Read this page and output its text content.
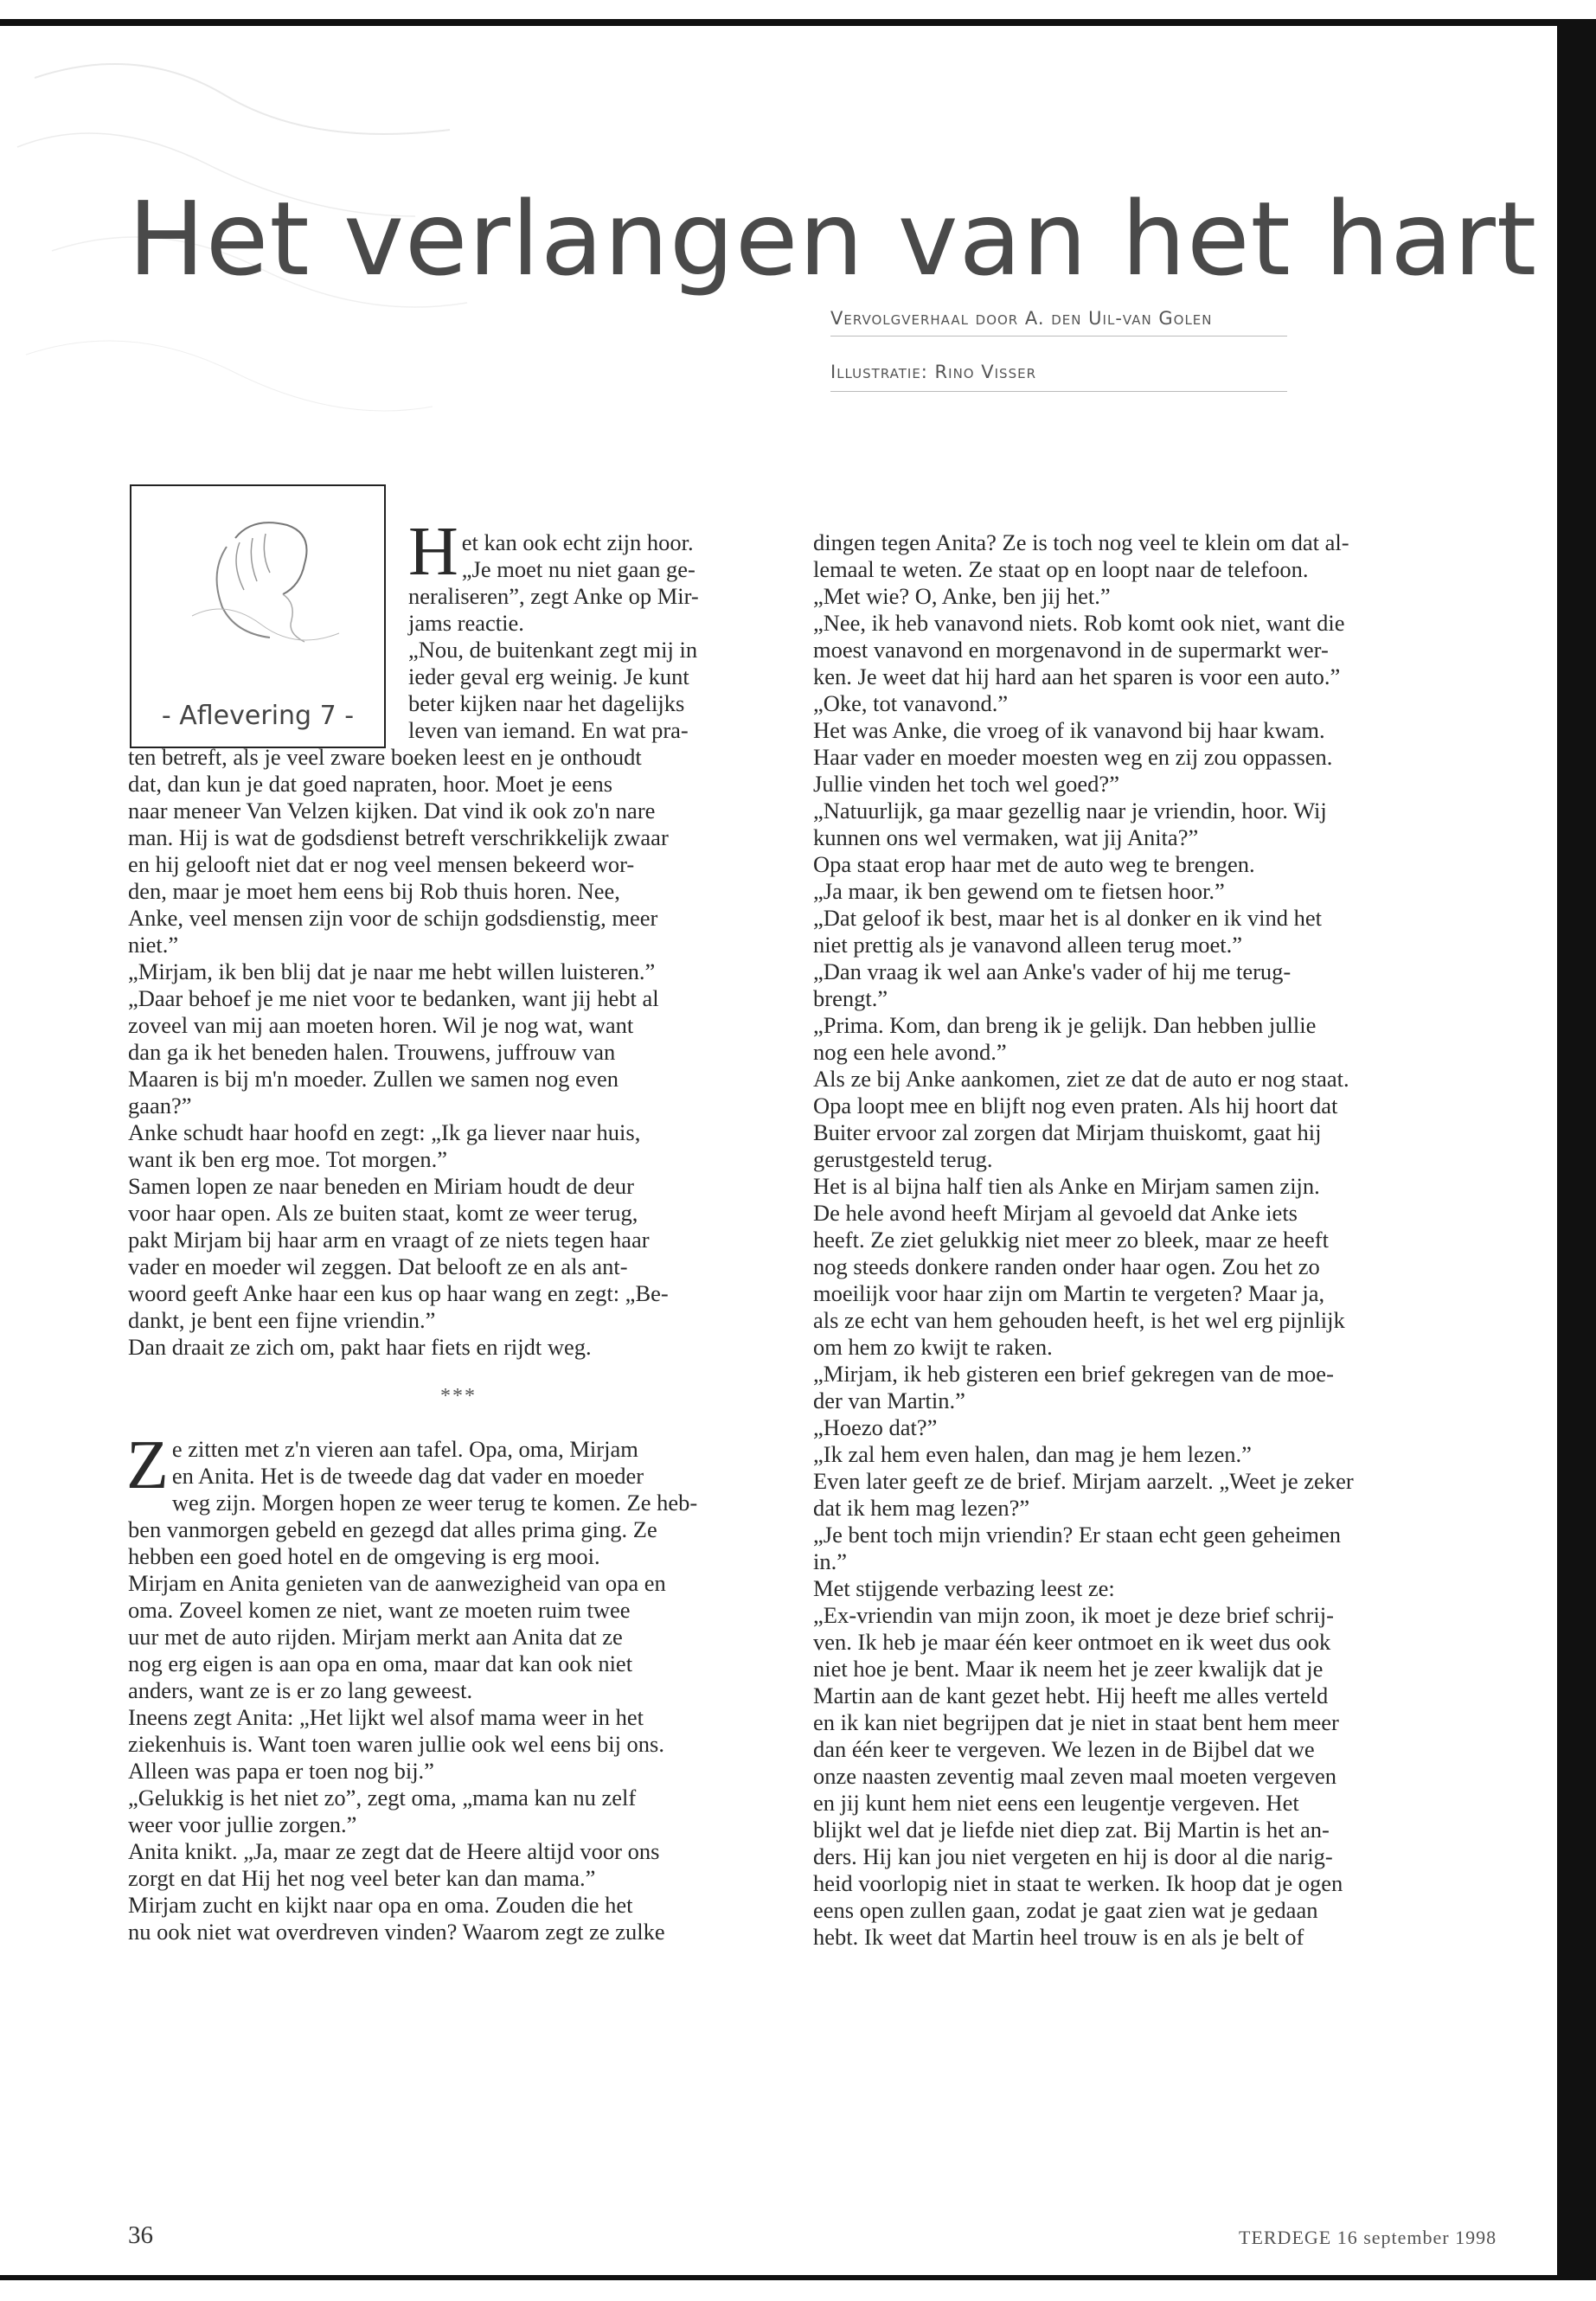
Het verlangen van het hart
Vervolgverhaal door A. den Uil-van Golen
Illustratie: Rino Visser
- Aflevering 7 -

Het kan ook echt zijn hoor.

„Je moet nu niet gaan ge-

neraliseren”, zegt Anke op Mir-

jams reactie.

„Nou, de buitenkant zegt mij in

ieder geval erg weinig. Je kunt

beter kijken naar het dagelijks

leven van iemand. En wat pra-

ten betreft, als je veel zware boeken leest en je onthoudt

dat, dan kun je dat goed napraten, hoor. Moet je eens

naar meneer Van Velzen kijken. Dat vind ik ook zo'n nare

man. Hij is wat de godsdienst betreft verschrikkelijk zwaar

en hij gelooft niet dat er nog veel mensen bekeerd wor-

den, maar je moet hem eens bij Rob thuis horen. Nee,

Anke, veel mensen zijn voor de schijn godsdienstig, meer

niet.”

„Mirjam, ik ben blij dat je naar me hebt willen luisteren.”

„Daar behoef je me niet voor te bedanken, want jij hebt al

zoveel van mij aan moeten horen. Wil je nog wat, want

dan ga ik het beneden halen. Trouwens, juffrouw van

Maaren is bij m'n moeder. Zullen we samen nog even

gaan?”

Anke schudt haar hoofd en zegt: „Ik ga liever naar huis,

want ik ben erg moe. Tot morgen.”

Samen lopen ze naar beneden en Miriam houdt de deur

voor haar open. Als ze buiten staat, komt ze weer terug,

pakt Mirjam bij haar arm en vraagt of ze niets tegen haar

vader en moeder wil zeggen. Dat belooft ze en als ant-

woord geeft Anke haar een kus op haar wang en zegt: „Be-

dankt, je bent een fijne vriendin.”

Dan draait ze zich om, pakt haar fiets en rijdt weg.

***

Ze zitten met z'n vieren aan tafel. Opa, oma, Mirjam

en Anita. Het is de tweede dag dat vader en moeder

weg zijn. Morgen hopen ze weer terug te komen. Ze heb-

ben vanmorgen gebeld en gezegd dat alles prima ging. Ze

hebben een goed hotel en de omgeving is erg mooi.

Mirjam en Anita genieten van de aanwezigheid van opa en

oma. Zoveel komen ze niet, want ze moeten ruim twee

uur met de auto rijden. Mirjam merkt aan Anita dat ze

nog erg eigen is aan opa en oma, maar dat kan ook niet

anders, want ze is er zo lang geweest.

Ineens zegt Anita: „Het lijkt wel alsof mama weer in het

ziekenhuis is. Want toen waren jullie ook wel eens bij ons.

Alleen was papa er toen nog bij.”

„Gelukkig is het niet zo”, zegt oma, „mama kan nu zelf

weer voor jullie zorgen.”

Anita knikt. „Ja, maar ze zegt dat de Heere altijd voor ons

zorgt en dat Hij het nog veel beter kan dan mama.”

Mirjam zucht en kijkt naar opa en oma. Zouden die het

nu ook niet wat overdreven vinden? Waarom zegt ze zulke

dingen tegen Anita? Ze is toch nog veel te klein om dat al-

lemaal te weten. Ze staat op en loopt naar de telefoon.

„Met wie? O, Anke, ben jij het.”

„Nee, ik heb vanavond niets. Rob komt ook niet, want die

moest vanavond en morgenavond in de supermarkt wer-

ken. Je weet dat hij hard aan het sparen is voor een auto.”

„Oke, tot vanavond.”

Het was Anke, die vroeg of ik vanavond bij haar kwam.

Haar vader en moeder moesten weg en zij zou oppassen.

Jullie vinden het toch wel goed?”

„Natuurlijk, ga maar gezellig naar je vriendin, hoor. Wij

kunnen ons wel vermaken, wat jij Anita?”

Opa staat erop haar met de auto weg te brengen.

„Ja maar, ik ben gewend om te fietsen hoor.”

„Dat geloof ik best, maar het is al donker en ik vind het

niet prettig als je vanavond alleen terug moet.”

„Dan vraag ik wel aan Anke's vader of hij me terug-

brengt.”

„Prima. Kom, dan breng ik je gelijk. Dan hebben jullie

nog een hele avond.”

Als ze bij Anke aankomen, ziet ze dat de auto er nog staat.

Opa loopt mee en blijft nog even praten. Als hij hoort dat

Buiter ervoor zal zorgen dat Mirjam thuiskomt, gaat hij

gerustgesteld terug.

Het is al bijna half tien als Anke en Mirjam samen zijn.

De hele avond heeft Mirjam al gevoeld dat Anke iets

heeft. Ze ziet gelukkig niet meer zo bleek, maar ze heeft

nog steeds donkere randen onder haar ogen. Zou het zo

moeilijk voor haar zijn om Martin te vergeten? Maar ja,

als ze echt van hem gehouden heeft, is het wel erg pijnlijk

om hem zo kwijt te raken.

„Mirjam, ik heb gisteren een brief gekregen van de moe-

der van Martin.”

„Hoezo dat?”

„Ik zal hem even halen, dan mag je hem lezen.”

Even later geeft ze de brief. Mirjam aarzelt. „Weet je zeker

dat ik hem mag lezen?”

„Je bent toch mijn vriendin? Er staan echt geen geheimen

in.”

Met stijgende verbazing leest ze:

„Ex-vriendin van mijn zoon, ik moet je deze brief schrij-

ven. Ik heb je maar één keer ontmoet en ik weet dus ook

niet hoe je bent. Maar ik neem het je zeer kwalijk dat je

Martin aan de kant gezet hebt. Hij heeft me alles verteld

en ik kan niet begrijpen dat je niet in staat bent hem meer

dan één keer te vergeven. We lezen in de Bijbel dat we

onze naasten zeventig maal zeven maal moeten vergeven

en jij kunt hem niet eens een leugentje vergeven. Het

blijkt wel dat je liefde niet diep zat. Bij Martin is het an-

ders. Hij kan jou niet vergeten en hij is door al die narig-

heid voorlopig niet in staat te werken. Ik hoop dat je ogen

eens open zullen gaan, zodat je gaat zien wat je gedaan

hebt. Ik weet dat Martin heel trouw is en als je belt of

36	TERDEGE 16 september 1998
